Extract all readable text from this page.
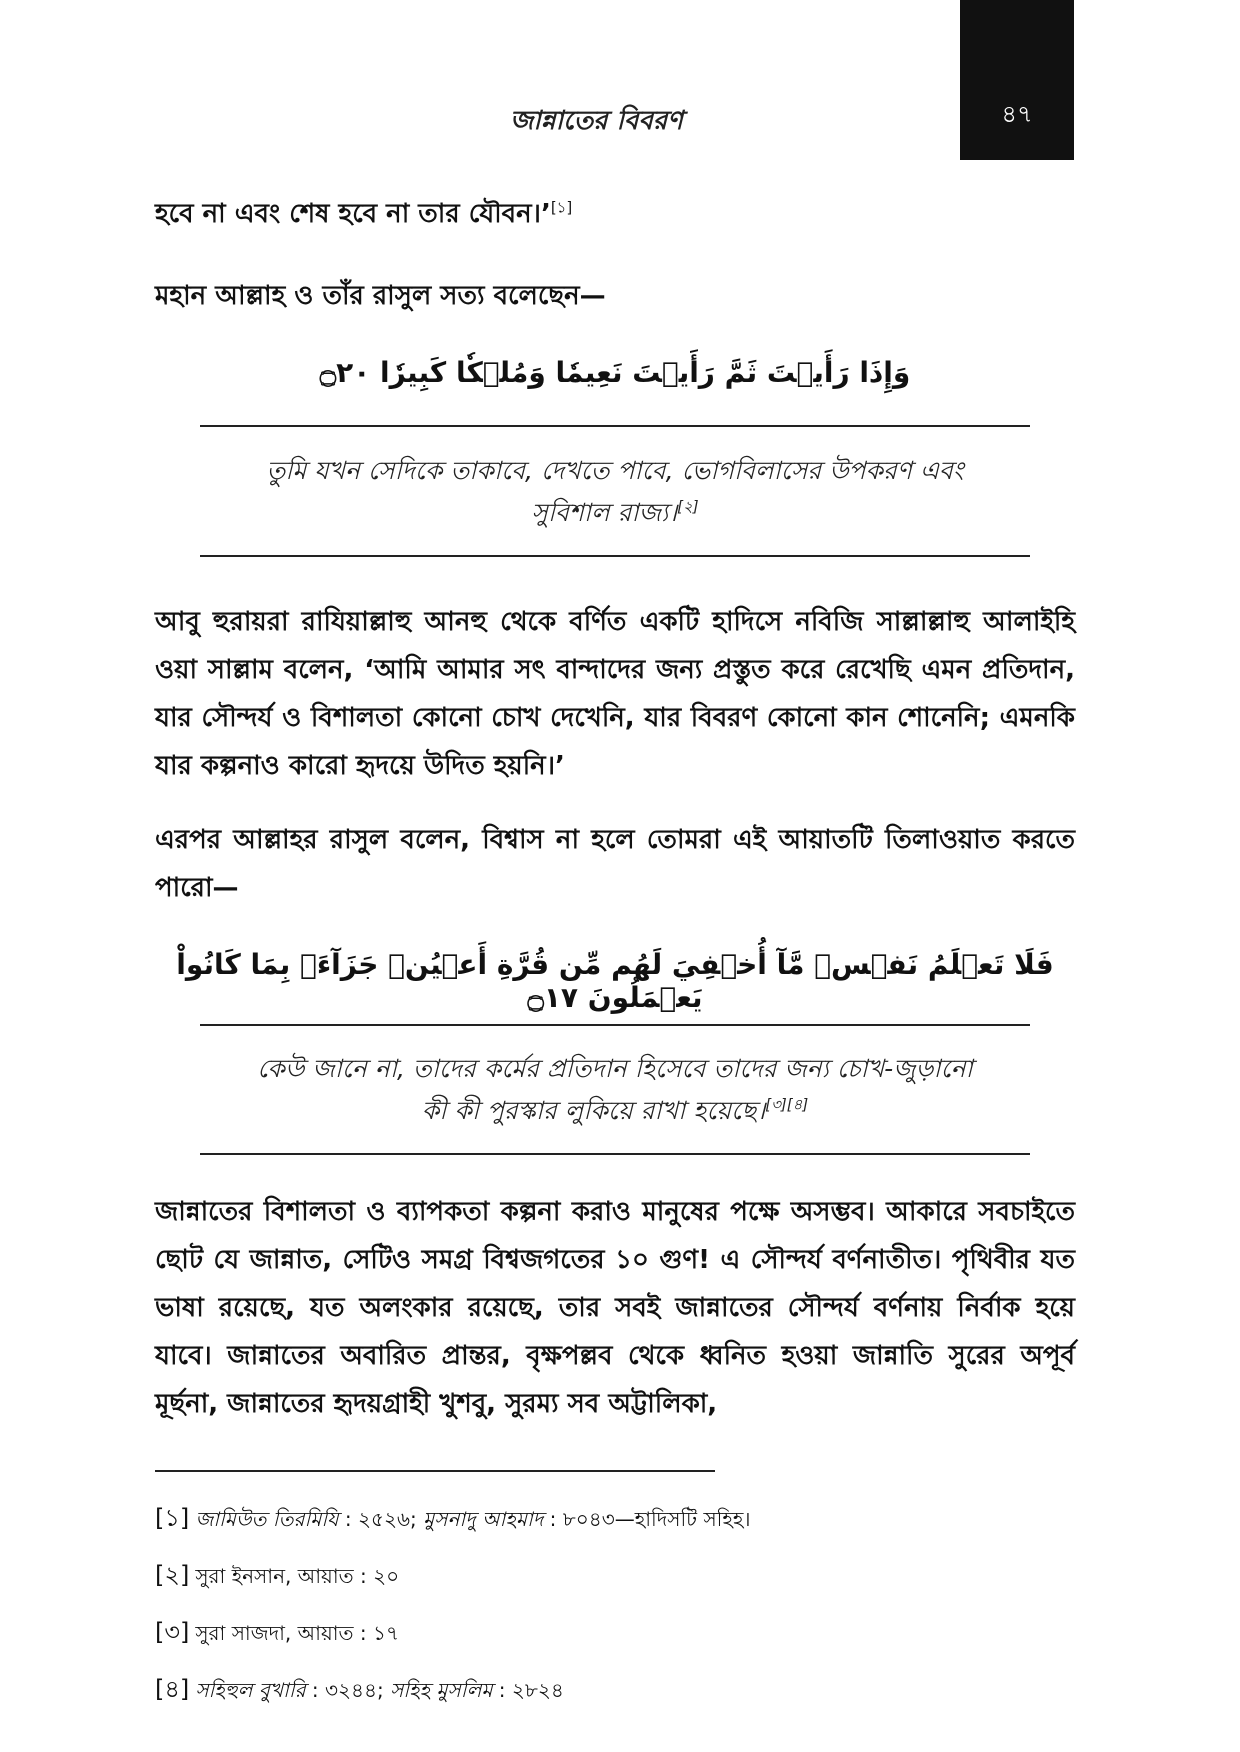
জান্নাতের বিবরণ	৪৭

হবে না এবং শেষ হবে না তার যৌবন।’[১]

মহান আল্লাহ ও তাঁর রাসুল সত্য বলেছেন—

وَإِذَا رَأَيۡتَ ثَمَّ رَأَيۡتَ نَعِيمٗا وَمُلۡكٗا كَبِيرٗا ۝٢٠

তুমি যখন সেদিকে তাকাবে, দেখতে পাবে, ভোগবিলাসের উপকরণ এবং
সুবিশাল রাজ্য।[২]

আবু হুরায়রা রাযিয়াল্লাহু আনহু থেকে বর্ণিত একটি হাদিসে নবিজি সাল্লাল্লাহু আলাইহি ওয়া সাল্লাম বলেন, ‘আমি আমার সৎ বান্দাদের জন্য প্রস্তুত করে রেখেছি এমন প্রতিদান, যার সৌন্দর্য ও বিশালতা কোনো চোখ দেখেনি, যার বিবরণ কোনো কান শোনেনি; এমনকি যার কল্পনাও কারো হৃদয়ে উদিত হয়নি।’

এরপর আল্লাহর রাসুল বলেন, বিশ্বাস না হলে তোমরা এই আয়াতটি তিলাওয়াত করতে পারো—

فَلَا تَعۡلَمُ نَفۡسٞ مَّآ أُخۡفِيَ لَهُم مِّن قُرَّةِ أَعۡيُنٖ جَزَآءَۢ بِمَا كَانُواْ يَعۡمَلُونَ ۝١٧

কেউ জানে না, তাদের কর্মের প্রতিদান হিসেবে তাদের জন্য চোখ-জুড়ানো
কী কী পুরস্কার লুকিয়ে রাখা হয়েছে।[৩][৪]

জান্নাতের বিশালতা ও ব্যাপকতা কল্পনা করাও মানুষের পক্ষে অসম্ভব। আকারে সবচাইতে ছোট যে জান্নাত, সেটিও সমগ্র বিশ্বজগতের ১০ গুণ! এ সৌন্দর্য বর্ণনাতীত। পৃথিবীর যত ভাষা রয়েছে, যত অলংকার রয়েছে, তার সবই জান্নাতের সৌন্দর্য বর্ণনায় নির্বাক হয়ে যাবে। জান্নাতের অবারিত প্রান্তর, বৃক্ষপল্লব থেকে ধ্বনিত হওয়া জান্নাতি সুরের অপূর্ব মূর্ছনা, জান্নাতের হৃদয়গ্রাহী খুশবু, সুরম্য সব অট্টালিকা,

[১] জামিউত তিরমিযি : ২৫২৬; মুসনাদু আহমাদ : ৮০৪৩—হাদিসটি সহিহ।

[২] সুরা ইনসান, আয়াত : ২০

[৩] সুরা সাজদা, আয়াত : ১৭

[৪] সহিহুল বুখারি : ৩২৪৪; সহিহ মুসলিম : ২৮২৪
